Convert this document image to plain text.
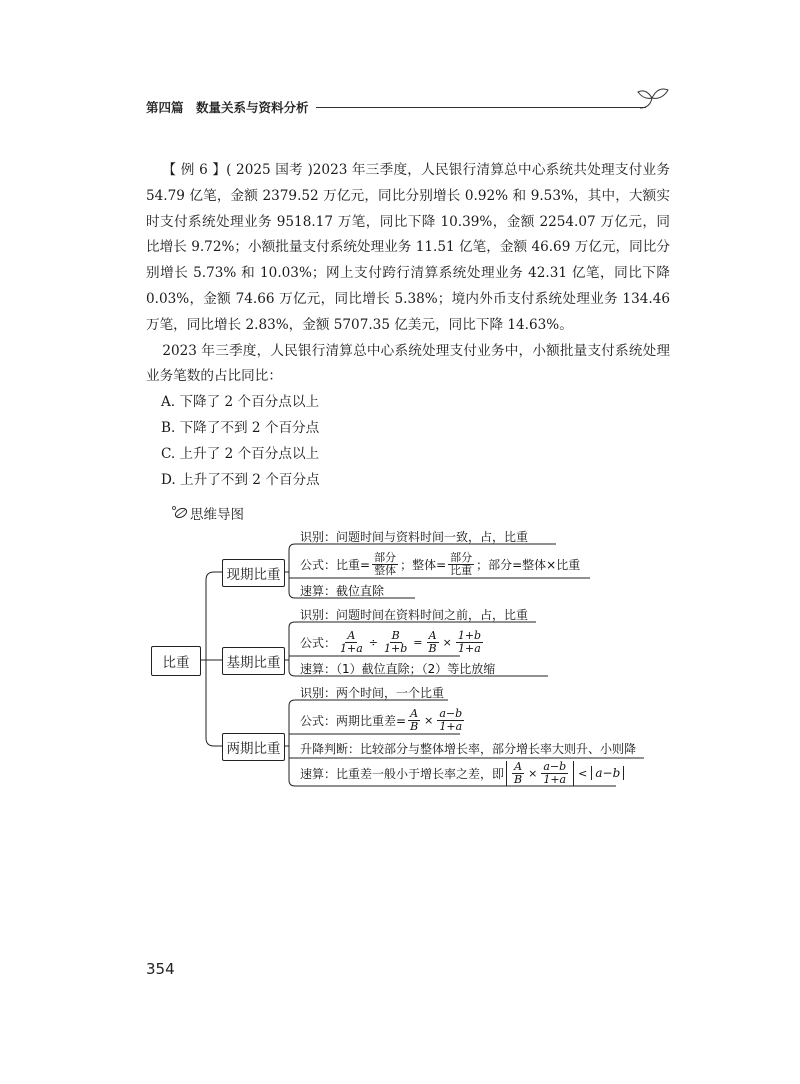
第四篇　数量关系与资料分析

【 例 6 】( 2025 国考 )2023 年三季度，人民银行清算总中心系统共处理支付业务 54.79 亿笔，金额 2379.52 万亿元，同比分别增长 0.92% 和 9.53%，其中，大额实时支付系统处理业务 9518.17 万笔，同比下降 10.39%，金额 2254.07 万亿元，同比增长 9.72%；小额批量支付系统处理业务 11.51 亿笔，金额 46.69 万亿元，同比分别增长 5.73% 和 10.03%；网上支付跨行清算系统处理业务 42.31 亿笔，同比下降 0.03%，金额 74.66 万亿元，同比增长 5.38%；境内外币支付系统处理业务 134.46 万笔，同比增长 2.83%，金额 5707.35 亿美元，同比下降 14.63%。

2023 年三季度，人民银行清算总中心系统处理支付业务中，小额批量支付系统处理业务笔数的占比同比：

A. 下降了 2 个百分点以上

B. 下降了不到 2 个百分点

C. 上升了 2 个百分点以上

D. 上升了不到 2 个百分点

思维导图
比重
现期比重
基期比重
两期比重
识别：问题时间与资料时间一致，占，比重
公式：比重= $\frac{\text{部分}}{\text{整体}}$ ；整体= $\frac{\text{部分}}{\text{比重}}$ ；部分=整体×比重
速算：截位直除
识别：问题时间在资料时间之前，占，比重
公式： $\frac{A}{1+a} \div \frac{B}{1+b} = \frac{A}{B} \times \frac{1+b}{1+a}$
速算：（1）截位直除；（2）等比放缩
识别：两个时间，一个比重
公式：两期比重差= $\frac{A}{B} \times \frac{a-b}{1+a}$
升降判断：比较部分与整体增长率，部分增长率大则升、小则降
速算：比重差一般小于增长率之差，即 $\frac{A}{B} \times \frac{a-b}{1+a} < a-b$
354
